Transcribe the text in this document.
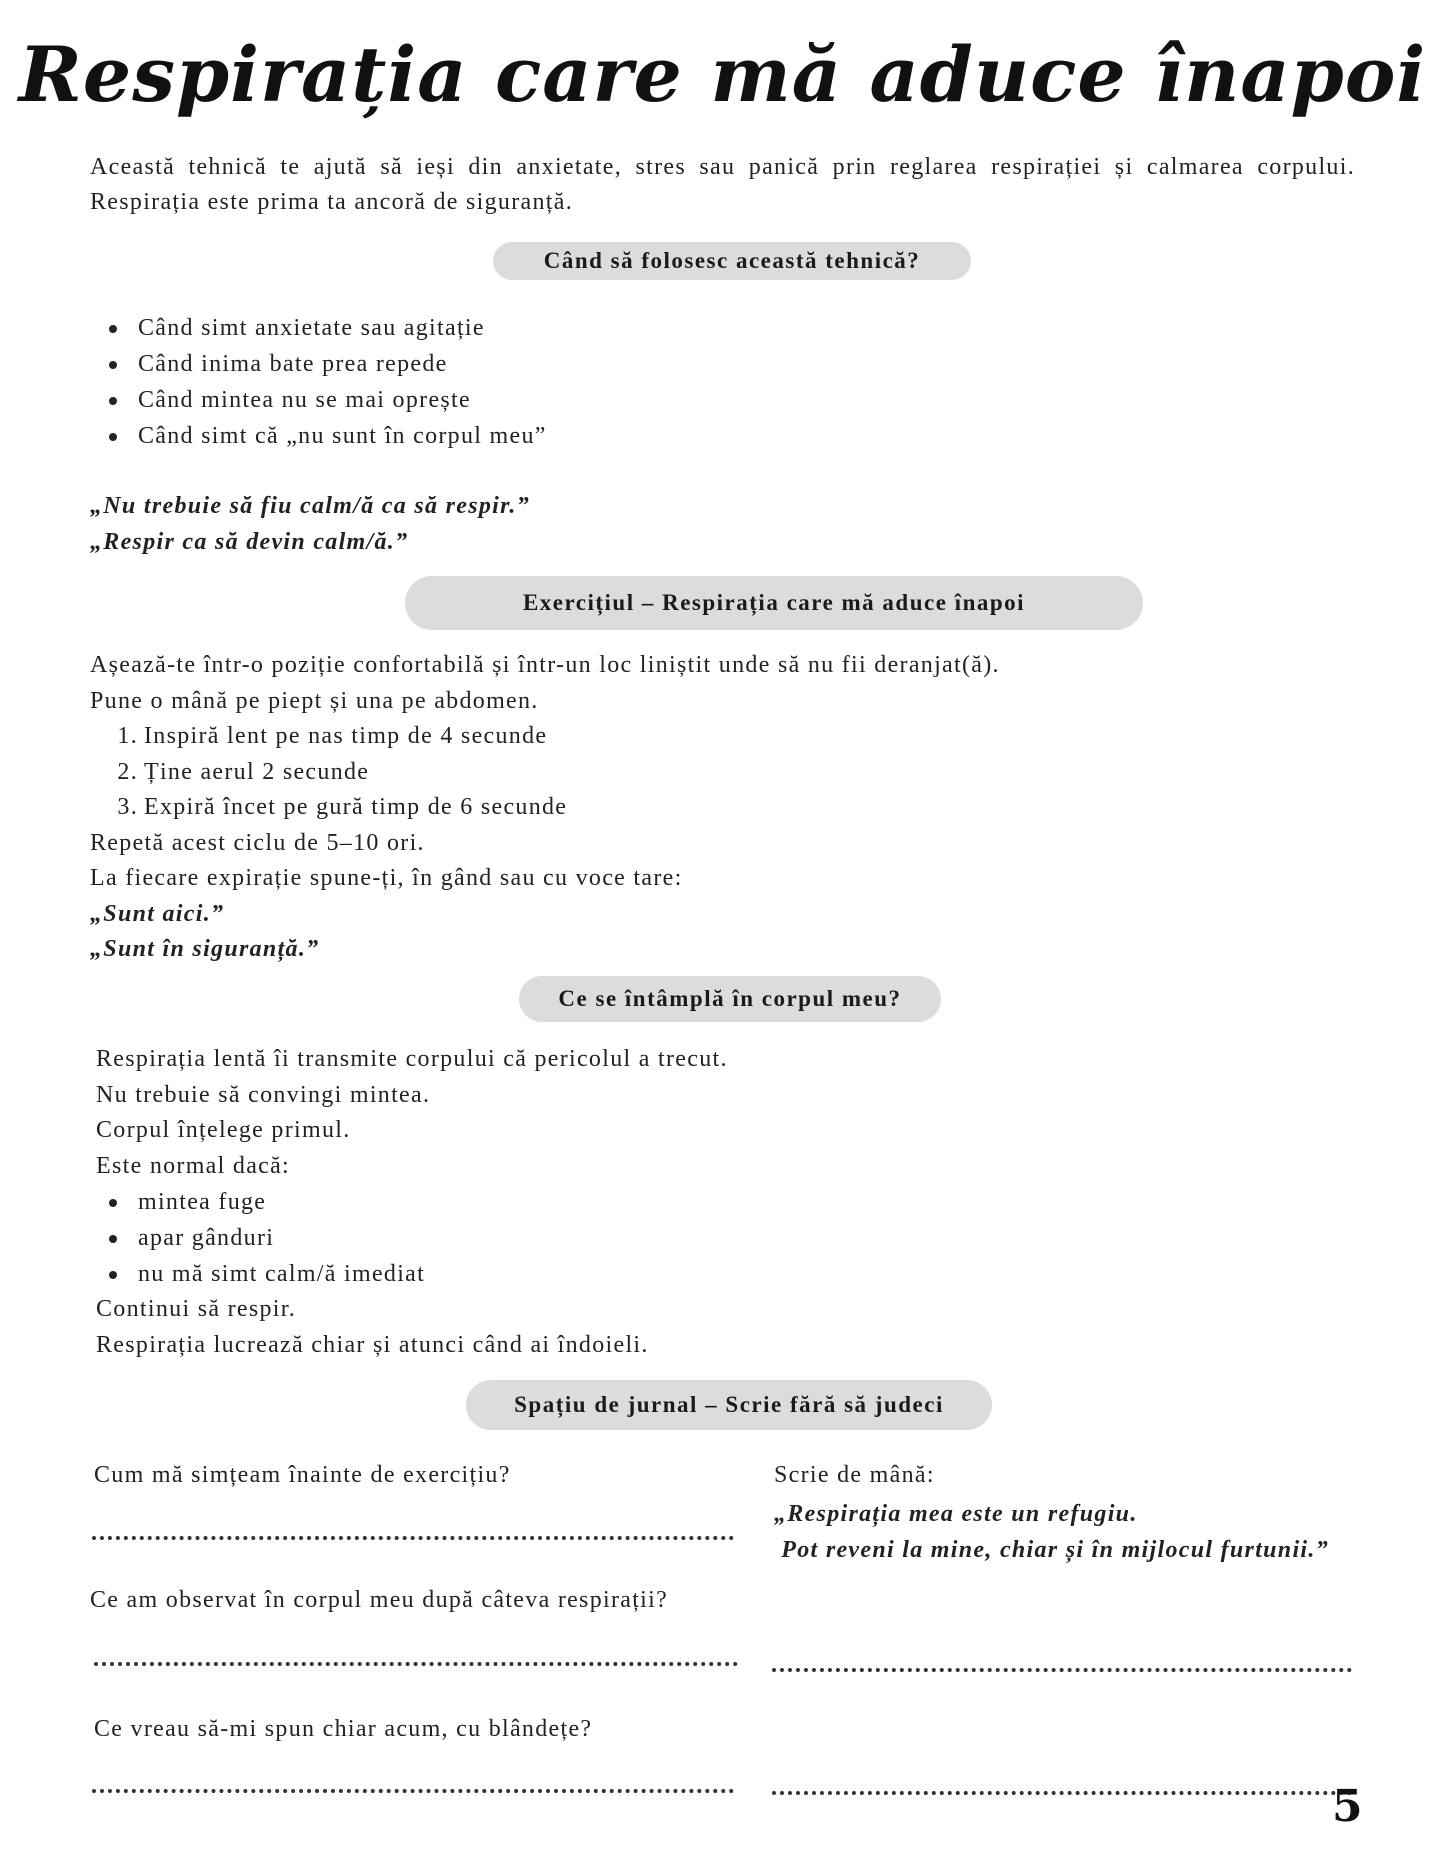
Respirația care mă aduce înapoi

Această tehnică te ajută să ieși din anxietate, stres sau panică prin reglarea respirației și calmarea corpului. Respirația este prima ta ancoră de siguranță.

Când să folosesc această tehnică?
Când simt anxietate sau agitație
Când inima bate prea repede
Când mintea nu se mai oprește
Când simt că „nu sunt în corpul meu”
„Nu trebuie să fiu calm/ă ca să respir.”
„Respir ca să devin calm/ă.”
Exercițiul – Respirația care mă aduce înapoi
Așează-te într-o poziție confortabilă și într-un loc liniștit unde să nu fii deranjat(ă).
Pune o mână pe piept și una pe abdomen.
1. Inspiră lent pe nas timp de 4 secunde
2. Ține aerul 2 secunde
3. Expiră încet pe gură timp de 6 secunde
Repetă acest ciclu de 5–10 ori.
La fiecare expirație spune-ți, în gând sau cu voce tare:
„Sunt aici.”
„Sunt în siguranță.”
Ce se întâmplă în corpul meu?
Respirația lentă îi transmite corpului că pericolul a trecut.
Nu trebuie să convingi mintea.
Corpul înțelege primul.
Este normal dacă:
mintea fuge
apar gânduri
nu mă simt calm/ă imediat
Continui să respir.
Respirația lucrează chiar și atunci când ai îndoieli.
Spațiu de jurnal – Scrie fără să judeci
Cum mă simțeam înainte de exercițiu?
Ce am observat în corpul meu după câteva respirații?
Ce vreau să-mi spun chiar acum, cu blândețe?
Scrie de mână:
„Respirația mea este un refugiu.
Pot reveni la mine, chiar și în mijlocul furtunii.”
5
